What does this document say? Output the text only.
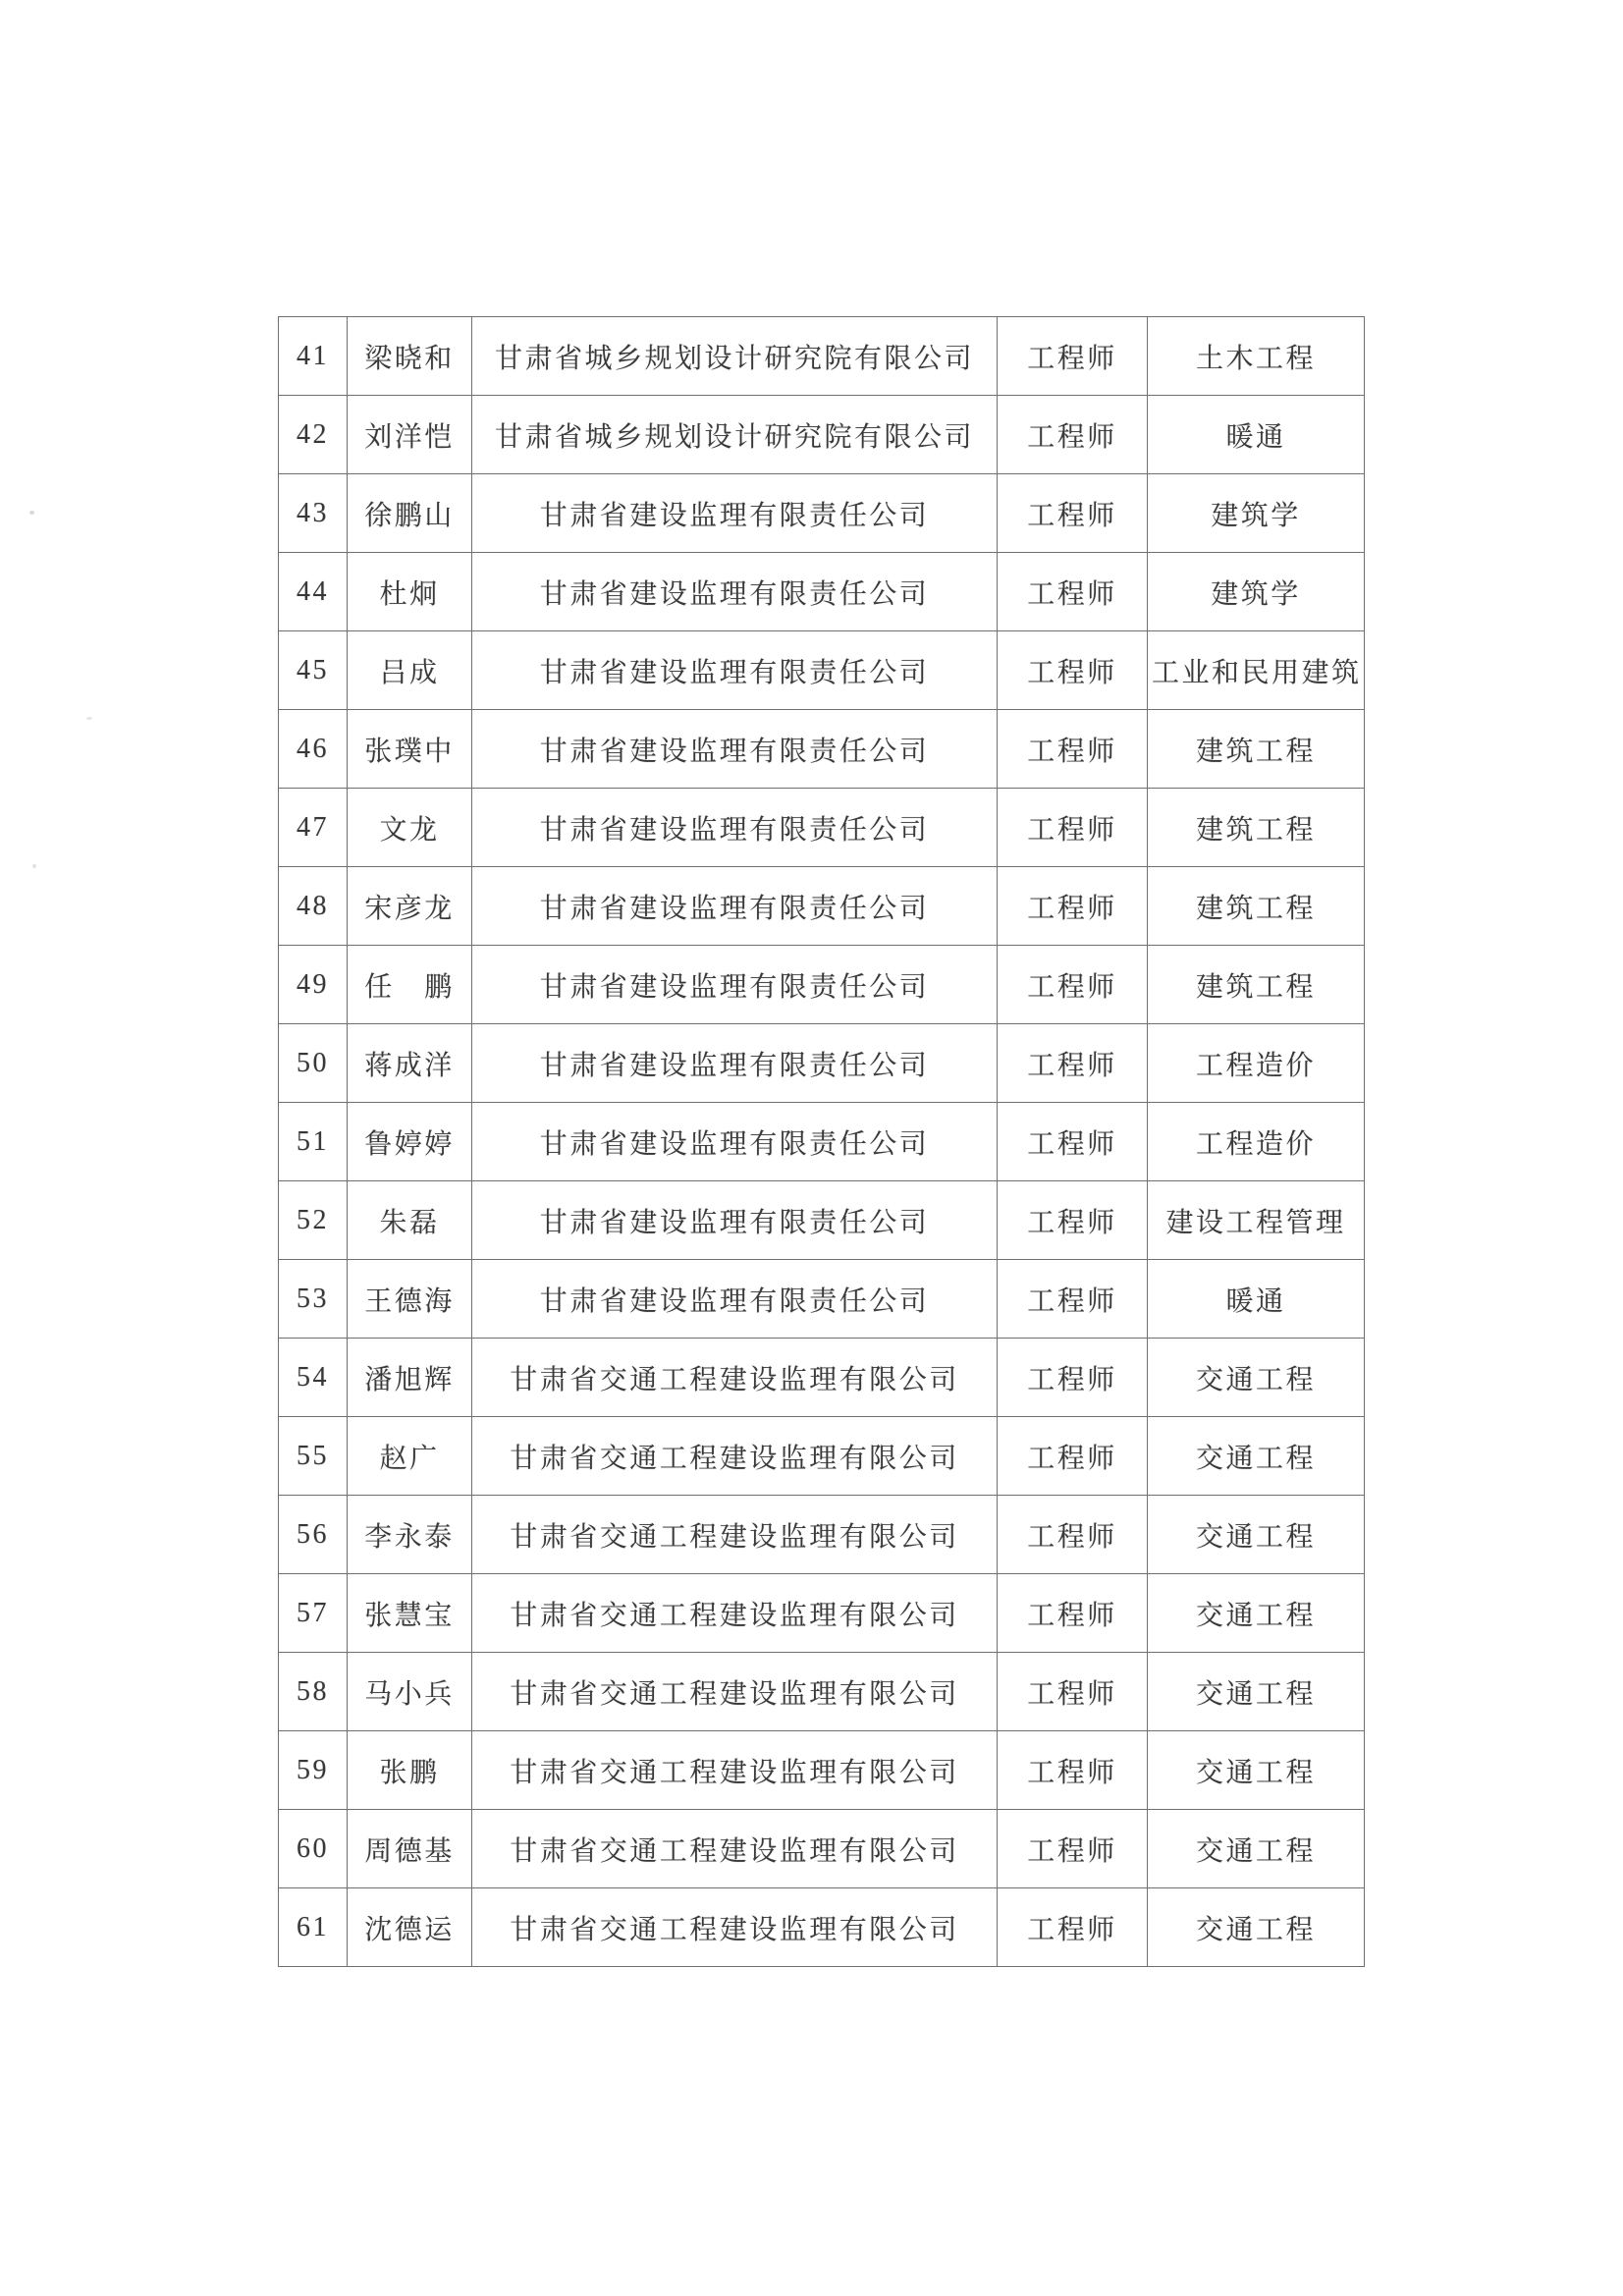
41	梁晓和	甘肃省城乡规划设计研究院有限公司	工程师	土木工程
42	刘洋恺	甘肃省城乡规划设计研究院有限公司	工程师	暖通
43	徐鹏山	甘肃省建设监理有限责任公司	工程师	建筑学
44	杜炯	甘肃省建设监理有限责任公司	工程师	建筑学
45	吕成	甘肃省建设监理有限责任公司	工程师	工业和民用建筑
46	张璞中	甘肃省建设监理有限责任公司	工程师	建筑工程
47	文龙	甘肃省建设监理有限责任公司	工程师	建筑工程
48	宋彦龙	甘肃省建设监理有限责任公司	工程师	建筑工程
49	任　鹏	甘肃省建设监理有限责任公司	工程师	建筑工程
50	蒋成洋	甘肃省建设监理有限责任公司	工程师	工程造价
51	鲁婷婷	甘肃省建设监理有限责任公司	工程师	工程造价
52	朱磊	甘肃省建设监理有限责任公司	工程师	建设工程管理
53	王德海	甘肃省建设监理有限责任公司	工程师	暖通
54	潘旭辉	甘肃省交通工程建设监理有限公司	工程师	交通工程
55	赵广	甘肃省交通工程建设监理有限公司	工程师	交通工程
56	李永泰	甘肃省交通工程建设监理有限公司	工程师	交通工程
57	张慧宝	甘肃省交通工程建设监理有限公司	工程师	交通工程
58	马小兵	甘肃省交通工程建设监理有限公司	工程师	交通工程
59	张鹏	甘肃省交通工程建设监理有限公司	工程师	交通工程
60	周德基	甘肃省交通工程建设监理有限公司	工程师	交通工程
61	沈德运	甘肃省交通工程建设监理有限公司	工程师	交通工程
